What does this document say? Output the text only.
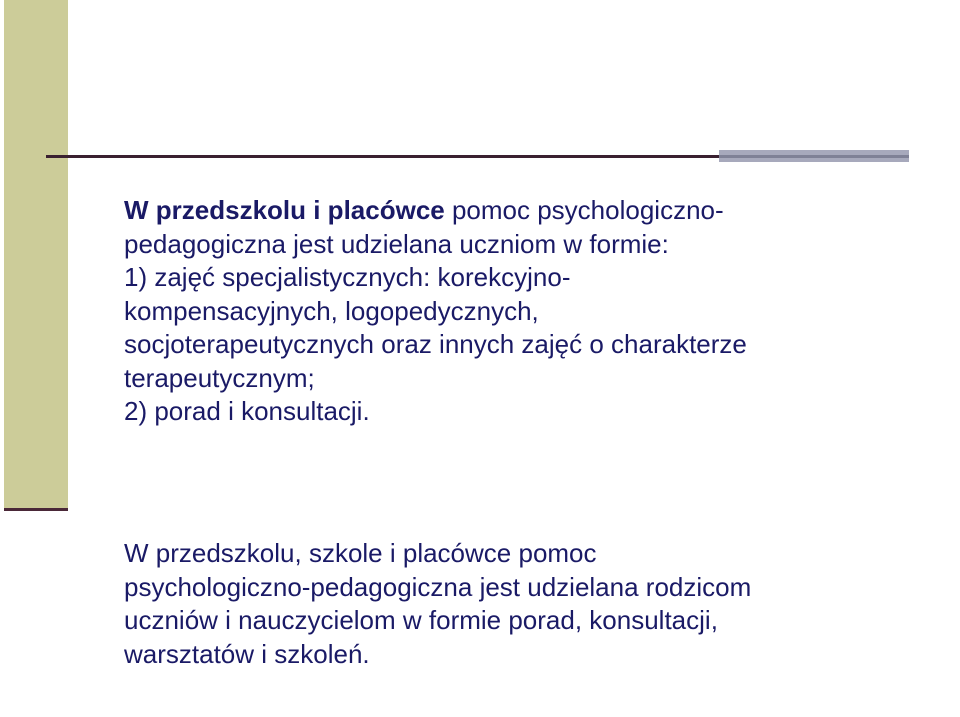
W przedszkolu i placówce pomoc psychologiczno-
pedagogiczna jest udzielana uczniom w formie:
1) zajęć specjalistycznych: korekcyjno-
kompensacyjnych, logopedycznych,
socjoterapeutycznych oraz innych zajęć o charakterze
terapeutycznym;
2) porad i konsultacji.
W przedszkolu, szkole i placówce pomoc
psychologiczno-pedagogiczna jest udzielana rodzicom
uczniów i nauczycielom w formie porad, konsultacji,
warsztatów i szkoleń.
